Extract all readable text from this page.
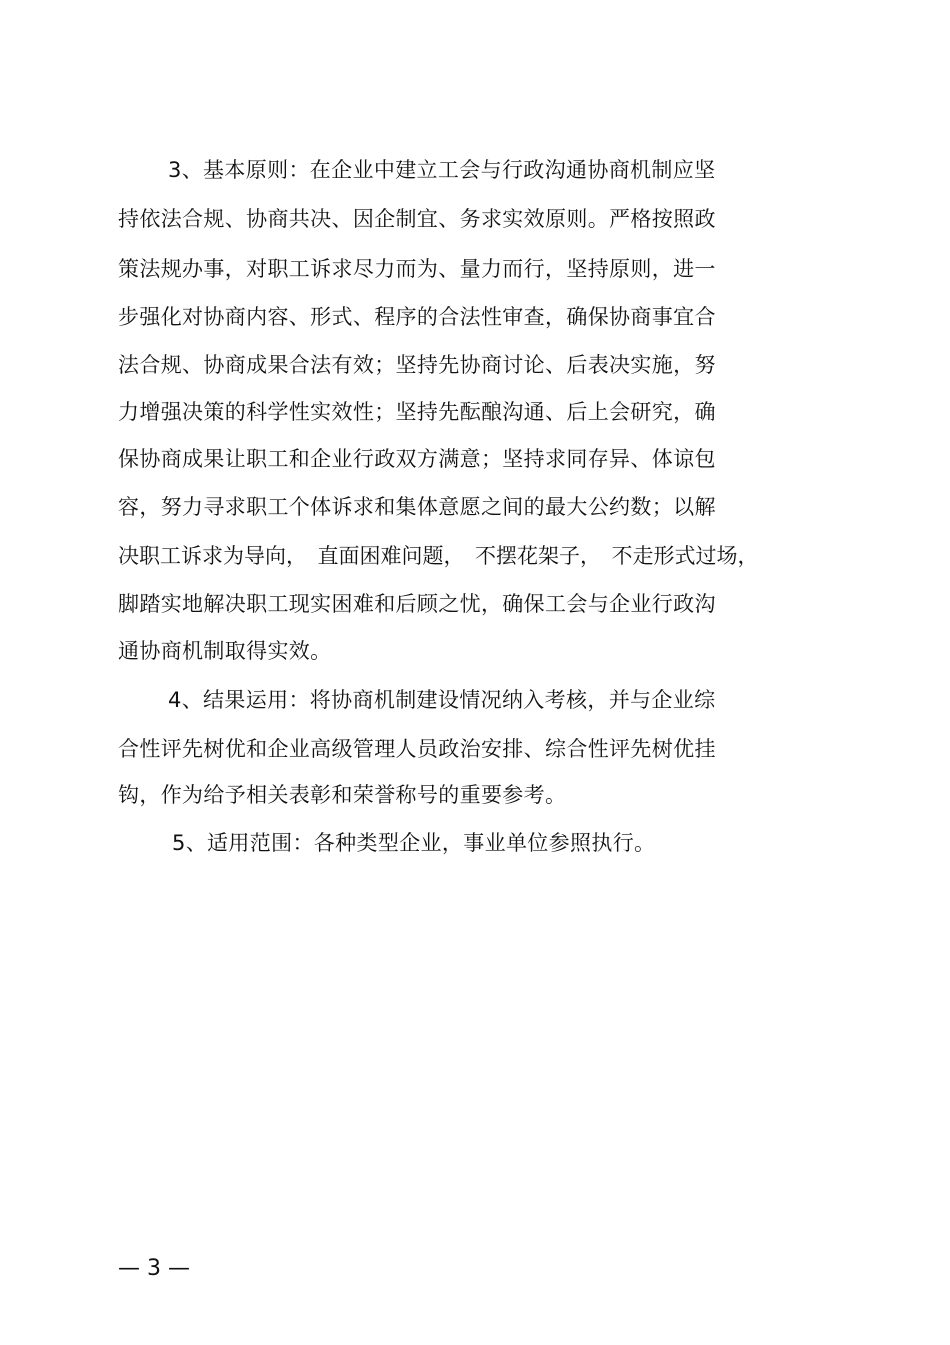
3、基本原则：在企业中建立工会与行政沟通协商机制应坚
持依法合规、协商共决、因企制宜、务求实效原则。严格按照政
策法规办事，对职工诉求尽力而为、量力而行，坚持原则，进一
步强化对协商内容、形式、程序的合法性审查，确保协商事宜合
法合规、协商成果合法有效；坚持先协商讨论、后表决实施，努
力增强决策的科学性实效性；坚持先酝酿沟通、后上会研究，确
保协商成果让职工和企业行政双方满意；坚持求同存异、体谅包
容，努力寻求职工个体诉求和集体意愿之间的最大公约数；以解
决职工诉求为导向，　直面困难问题，　不摆花架子，　不走形式过场，
脚踏实地解决职工现实困难和后顾之忧，确保工会与企业行政沟
通协商机制取得实效。
4、结果运用：将协商机制建设情况纳入考核，并与企业综
合性评先树优和企业高级管理人员政治安排、综合性评先树优挂
钩，作为给予相关表彰和荣誉称号的重要参考。
5、适用范围：各种类型企业，事业单位参照执行。
— 3 —
